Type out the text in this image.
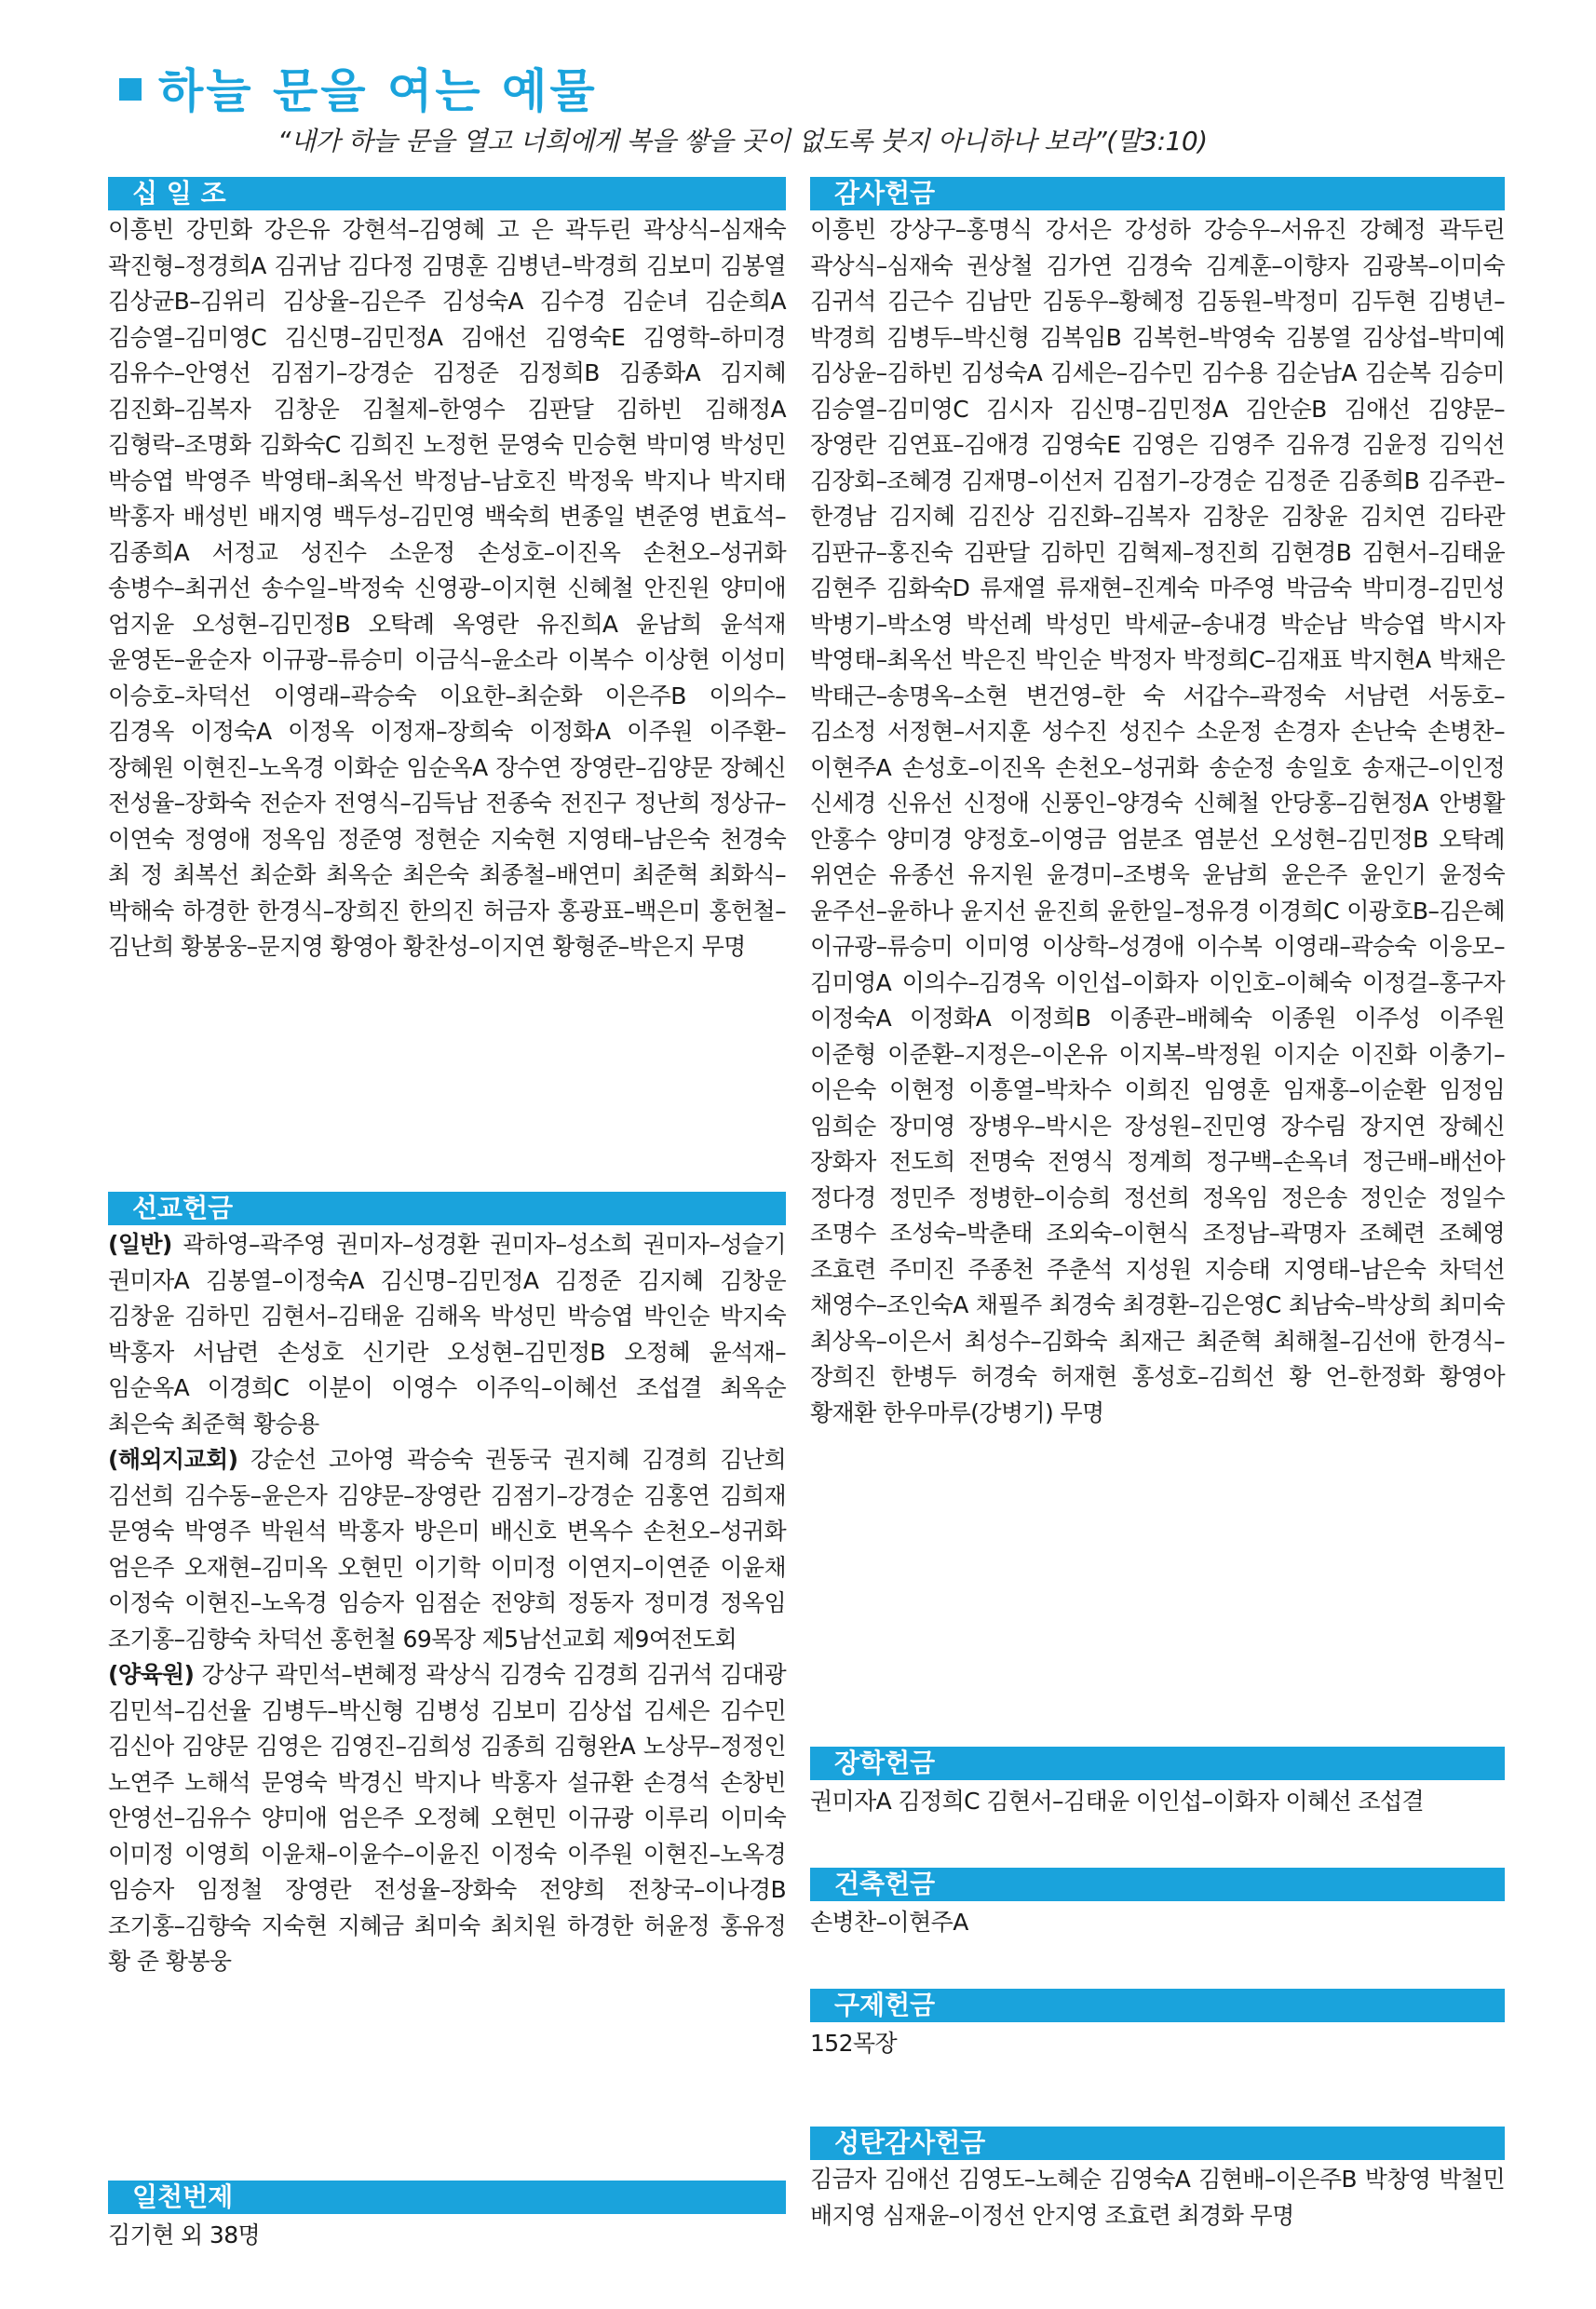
하늘 문을 여는 예물
“내가 하늘 문을 열고 너희에게 복을 쌓을 곳이 없도록 붓지 아니하나 보라”(말3:10)
십 일 조
이흥빈 강민화 강은유 강현석–김영혜 고 은 곽두린 곽상식–심재숙 곽진형–정경희A 김귀남 김다정 김명훈 김병년–박경희 김보미 김봉열 김상균B–김위리 김상율–김은주 김성숙A 김수경 김순녀 김순희A 김승열–김미영C 김신명–김민정A 김애선 김영숙E 김영학–하미경 김유수–안영선 김점기–강경순 김정준 김정희B 김종화A 김지혜 김진화–김복자 김창운 김철제–한영수 김판달 김하빈 김해정A 김형락–조명화 김화숙C 김희진 노정헌 문영숙 민승현 박미영 박성민 박승엽 박영주 박영태–최옥선 박정남–남호진 박정욱 박지나 박지태 박홍자 배성빈 배지영 백두성–김민영 백숙희 변종일 변준영 변효석–김종희A 서정교 성진수 소운정 손성호–이진옥 손천오–성귀화 송병수–최귀선 송수일–박정숙 신영광–이지현 신혜철 안진원 양미애 엄지윤 오성현–김민정B 오탁례 옥영란 유진희A 윤남희 윤석재 윤영돈–윤순자 이규광–류승미 이금식–윤소라 이복수 이상현 이성미 이승호–차덕선 이영래–곽승숙 이요한–최순화 이은주B 이의수–김경옥 이정숙A 이정옥 이정재–장희숙 이정화A 이주원 이주환–장혜원 이현진–노옥경 이화순 임순옥A 장수연 장영란–김양문 장혜신 전성율–장화숙 전순자 전영식–김득남 전종숙 전진구 정난희 정상규–이연숙 정영애 정옥임 정준영 정현순 지숙현 지영태–남은숙 천경숙 최 정 최복선 최순화 최옥순 최은숙 최종철–배연미 최준혁 최화식–박해숙 하경한 한경식–장희진 한의진 허금자 홍광표–백은미 홍헌철–김난희 황봉웅–문지영 황영아 황찬성–이지연 황형준–박은지 무명
선교헌금

(일반) 곽하영–곽주영 권미자–성경환 권미자–성소희 권미자–성슬기 권미자A 김봉열–이정숙A 김신명–김민정A 김정준 김지혜 김창운 김창윤 김하민 김현서–김태윤 김해옥 박성민 박승엽 박인순 박지숙 박홍자 서남련 손성호 신기란 오성현–김민정B 오정혜 윤석재–임순옥A 이경희C 이분이 이영수 이주익–이혜선 조섭결 최옥순 최은숙 최준혁 황승용

(해외지교회) 강순선 고아영 곽승숙 권동국 권지혜 김경희 김난희 김선희 김수동–윤은자 김양문–장영란 김점기–강경순 김홍연 김희재 문영숙 박영주 박원석 박홍자 방은미 배신호 변옥수 손천오–성귀화 엄은주 오재현–김미옥 오현민 이기학 이미정 이연지–이연준 이윤채 이정숙 이현진–노옥경 임승자 임점순 전양희 정동자 정미경 정옥임 조기홍–김향숙 차덕선 홍헌철 69목장 제5남선교회 제9여전도회

(양육원) 강상구 곽민석–변혜정 곽상식 김경숙 김경희 김귀석 김대광 김민석–김선율 김병두–박신형 김병성 김보미 김상섭 김세은 김수민 김신아 김양문 김영은 김영진–김희성 김종희 김형완A 노상무–정정인 노연주 노해석 문영숙 박경신 박지나 박홍자 설규환 손경석 손창빈 안영선–김유수 양미애 엄은주 오정혜 오현민 이규광 이루리 이미숙 이미정 이영희 이윤채–이윤수–이윤진 이정숙 이주원 이현진–노옥경 임승자 임정철 장영란 전성율–장화숙 전양희 전창국–이나경B 조기홍–김향숙 지숙현 지혜금 최미숙 최치원 하경한 허윤정 홍유정 황 준 황봉웅

일천번제
김기현 외 38명
감사헌금
이흥빈 강상구–홍명식 강서은 강성하 강승우–서유진 강혜정 곽두린 곽상식–심재숙 권상철 김가연 김경숙 김계훈–이향자 김광복–이미숙 김귀석 김근수 김남만 김동우–황혜정 김동원–박정미 김두현 김병년–박경희 김병두–박신형 김복임B 김복헌–박영숙 김봉열 김상섭–박미예 김상윤–김하빈 김성숙A 김세은–김수민 김수용 김순남A 김순복 김승미 김승열–김미영C 김시자 김신명–김민정A 김안순B 김애선 김양문–장영란 김연표–김애경 김영숙E 김영은 김영주 김유경 김윤정 김익선 김장회–조혜경 김재명–이선저 김점기–강경순 김정준 김종희B 김주관–한경남 김지혜 김진상 김진화–김복자 김창운 김창윤 김치연 김타관 김판규–홍진숙 김판달 김하민 김혁제–정진희 김현경B 김현서–김태윤 김현주 김화숙D 류재열 류재현–진계숙 마주영 박금숙 박미경–김민성 박병기–박소영 박선례 박성민 박세균–송내경 박순남 박승엽 박시자 박영태–최옥선 박은진 박인순 박정자 박정희C–김재표 박지현A 박채은 박태근–송명옥–소현 변건영–한 숙 서갑수–곽정숙 서남련 서동호–김소정 서정현–서지훈 성수진 성진수 소운정 손경자 손난숙 손병찬–이현주A 손성호–이진옥 손천오–성귀화 송순정 송일호 송재근–이인정 신세경 신유선 신정애 신풍인–양경숙 신혜철 안당홍–김현정A 안병활 안홍수 양미경 양정호–이영금 엄분조 염분선 오성현–김민정B 오탁례 위연순 유종선 유지원 윤경미–조병욱 윤남희 윤은주 윤인기 윤정숙 윤주선–윤하나 윤지선 윤진희 윤한일–정유경 이경희C 이광호B–김은혜 이규광–류승미 이미영 이상학–성경애 이수복 이영래–곽승숙 이응모–김미영A 이의수–김경옥 이인섭–이화자 이인호–이혜숙 이정걸–홍구자 이정숙A 이정화A 이정희B 이종관–배혜숙 이종원 이주성 이주원 이준형 이준환–지정은–이온유 이지복–박정원 이지순 이진화 이충기–이은숙 이현정 이흥열–박차수 이희진 임영훈 임재홍–이순환 임정임 임희순 장미영 장병우–박시은 장성원–진민영 장수림 장지연 장혜신 장화자 전도희 전명숙 전영식 정계희 정구백–손옥녀 정근배–배선아 정다경 정민주 정병한–이승희 정선희 정옥임 정은송 정인순 정일수 조명수 조성숙–박춘태 조외숙–이현식 조정남–곽명자 조혜련 조혜영 조효련 주미진 주종천 주춘석 지성원 지승태 지영태–남은숙 차덕선 채영수–조인숙A 채필주 최경숙 최경환–김은영C 최남숙–박상희 최미숙 최상옥–이은서 최성수–김화숙 최재근 최준혁 최해철–김선애 한경식–장희진 한병두 허경숙 허재현 홍성호–김희선 황 언–한정화 황영아 황재환 한우마루(강병기) 무명
장학헌금
권미자A 김정희C 김현서–김태윤 이인섭–이화자 이혜선 조섭결
건축헌금
손병찬–이현주A
구제헌금
152목장
성탄감사헌금
김금자 김애선 김영도–노혜순 김영숙A 김현배–이은주B 박창영 박철민 배지영 심재윤–이정선 안지영 조효련 최경화 무명
